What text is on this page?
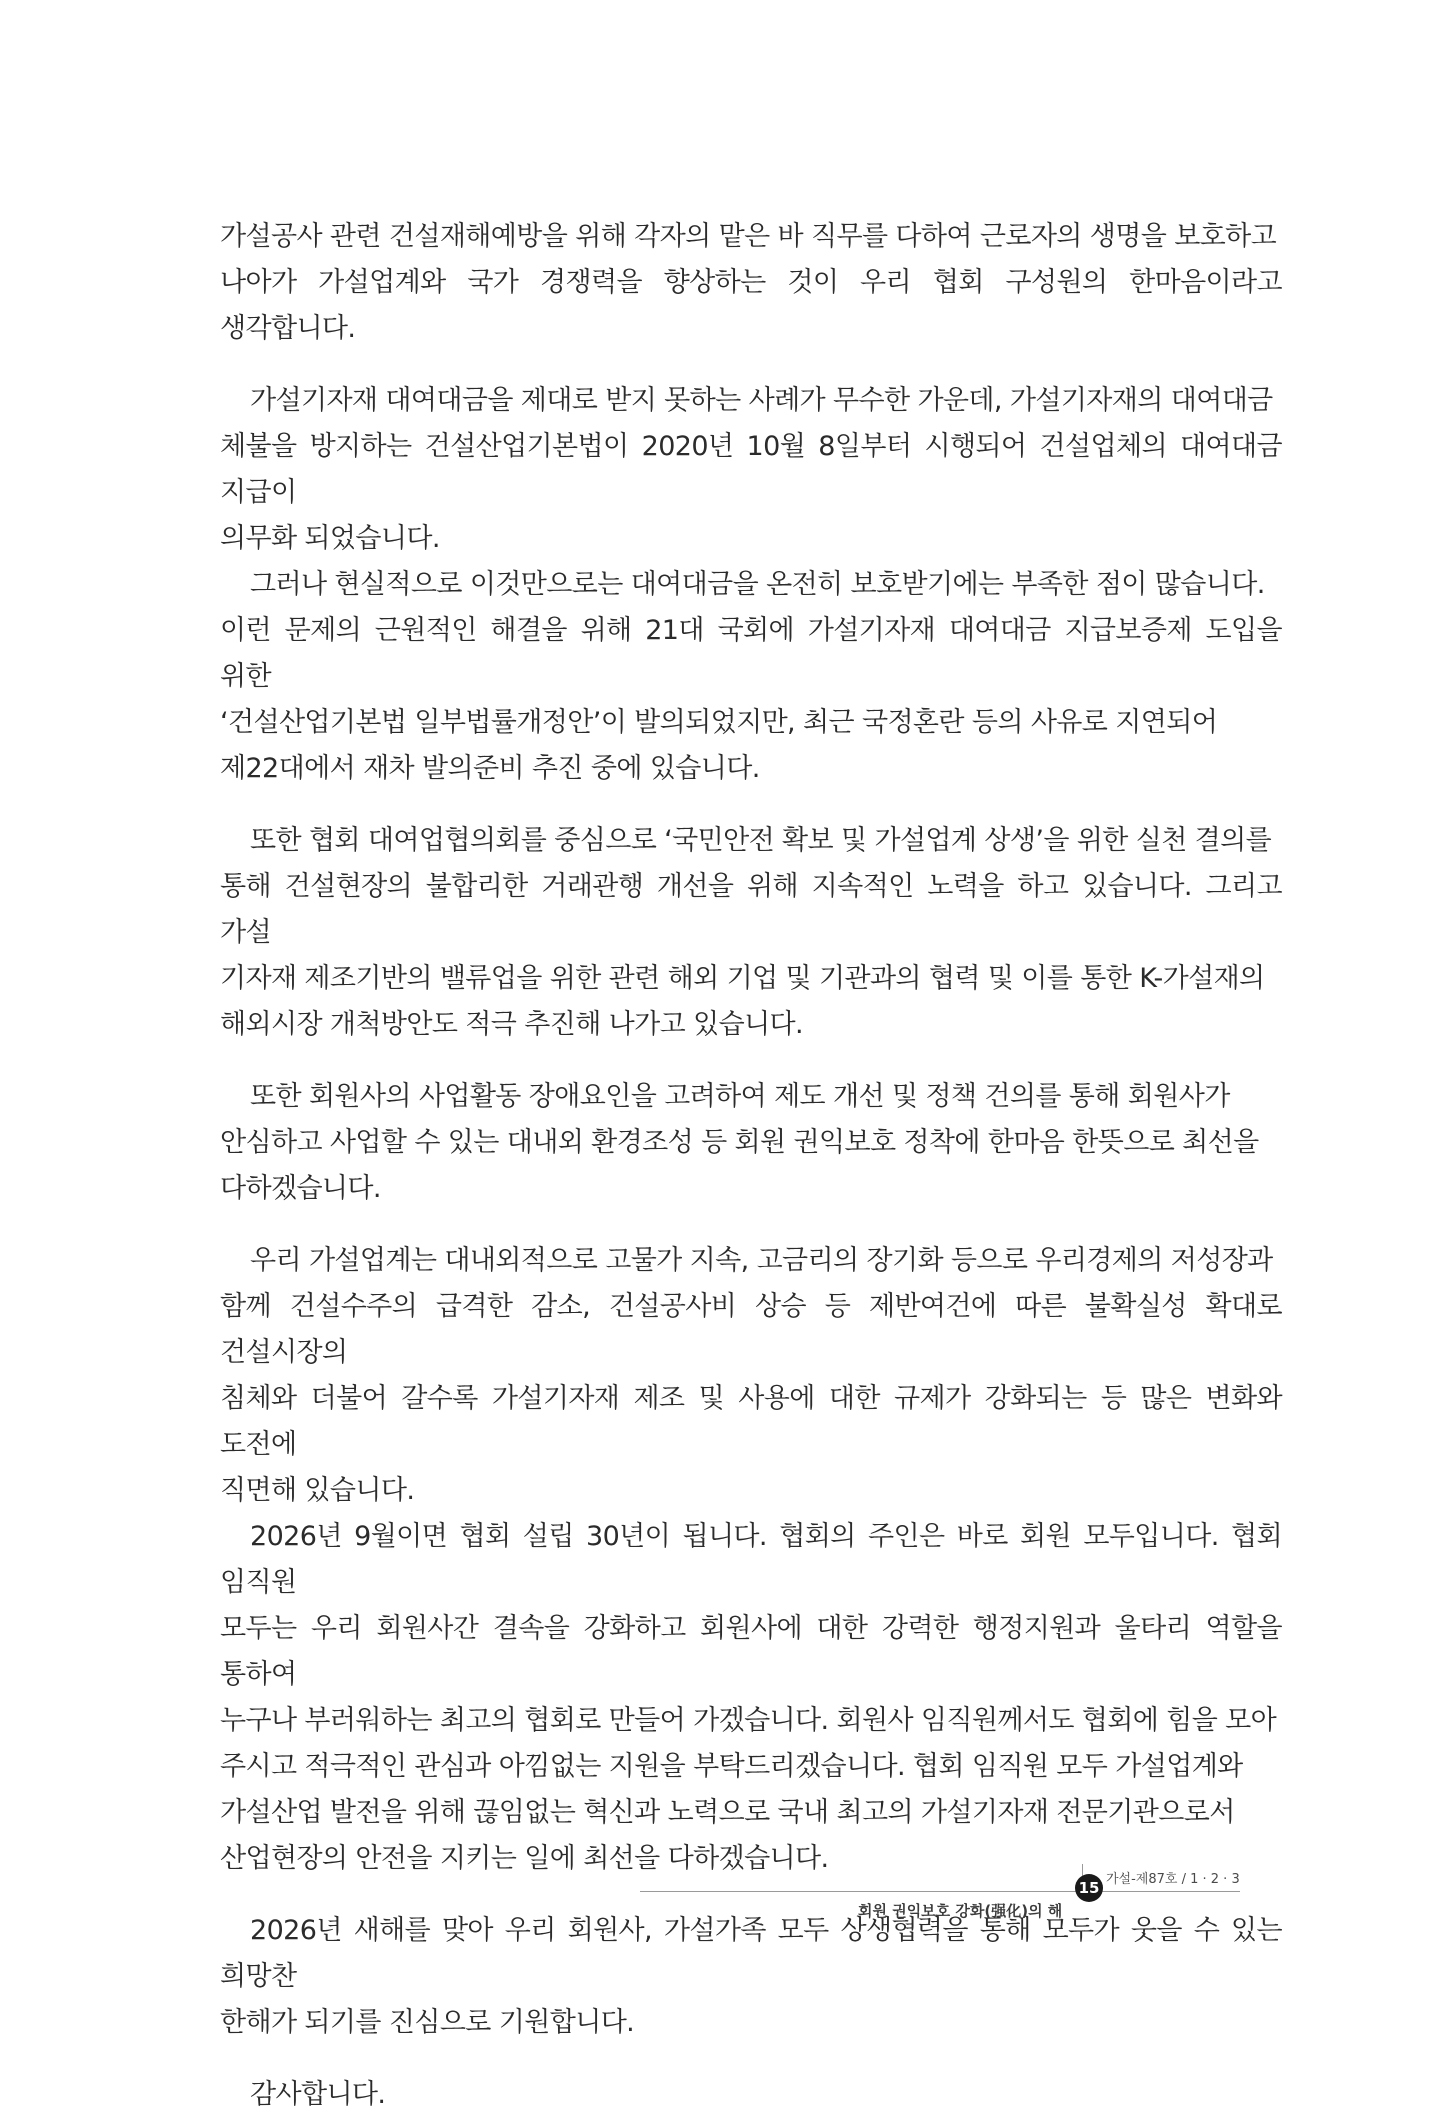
가설공사 관련 건설재해예방을 위해 각자의 맡은 바 직무를 다하여 근로자의 생명을 보호하고
나아가 가설업계와 국가 경쟁력을 향상하는 것이 우리 협회 구성원의 한마음이라고 생각합니다.
가설기자재 대여대금을 제대로 받지 못하는 사례가 무수한 가운데, 가설기자재의 대여대금
체불을 방지하는 건설산업기본법이 2020년 10월 8일부터 시행되어 건설업체의 대여대금 지급이
의무화 되었습니다.
그러나 현실적으로 이것만으로는 대여대금을 온전히 보호받기에는 부족한 점이 많습니다.
이런 문제의 근원적인 해결을 위해 21대 국회에 가설기자재 대여대금 지급보증제 도입을 위한
‘건설산업기본법 일부법률개정안’이 발의되었지만, 최근 국정혼란 등의 사유로 지연되어
제22대에서 재차 발의준비 추진 중에 있습니다.
또한 협회 대여업협의회를 중심으로 ‘국민안전 확보 및 가설업계 상생’을 위한 실천 결의를
통해 건설현장의 불합리한 거래관행 개선을 위해 지속적인 노력을 하고 있습니다. 그리고 가설
기자재 제조기반의 밸류업을 위한 관련 해외 기업 및 기관과의 협력 및 이를 통한 K-가설재의
해외시장 개척방안도 적극 추진해 나가고 있습니다.
또한 회원사의 사업활동 장애요인을 고려하여 제도 개선 및 정책 건의를 통해 회원사가
안심하고 사업할 수 있는 대내외 환경조성 등 회원 권익보호 정착에 한마음 한뜻으로 최선을
다하겠습니다.
우리 가설업계는 대내외적으로 고물가 지속, 고금리의 장기화 등으로 우리경제의 저성장과
함께 건설수주의 급격한 감소, 건설공사비 상승 등 제반여건에 따른 불확실성 확대로 건설시장의
침체와 더불어 갈수록 가설기자재 제조 및 사용에 대한 규제가 강화되는 등 많은 변화와 도전에
직면해 있습니다.
2026년 9월이면 협회 설립 30년이 됩니다. 협회의 주인은 바로 회원 모두입니다. 협회 임직원
모두는 우리 회원사간 결속을 강화하고 회원사에 대한 강력한 행정지원과 울타리 역할을 통하여
누구나 부러워하는 최고의 협회로 만들어 가겠습니다. 회원사 임직원께서도 협회에 힘을 모아
주시고 적극적인 관심과 아낌없는 지원을 부탁드리겠습니다. 협회 임직원 모두 가설업계와
가설산업 발전을 위해 끊임없는 혁신과 노력으로 국내 최고의 가설기자재 전문기관으로서
산업현장의 안전을 지키는 일에 최선을 다하겠습니다.
2026년 새해를 맞아 우리 회원사, 가설가족 모두 상생협력을 통해 모두가 웃을 수 있는 희망찬
한해가 되기를 진심으로 기원합니다.
감사합니다.
15 가설-제87호 / 1 · 2 · 3
회원 권익보호 강화(强化)의 해
